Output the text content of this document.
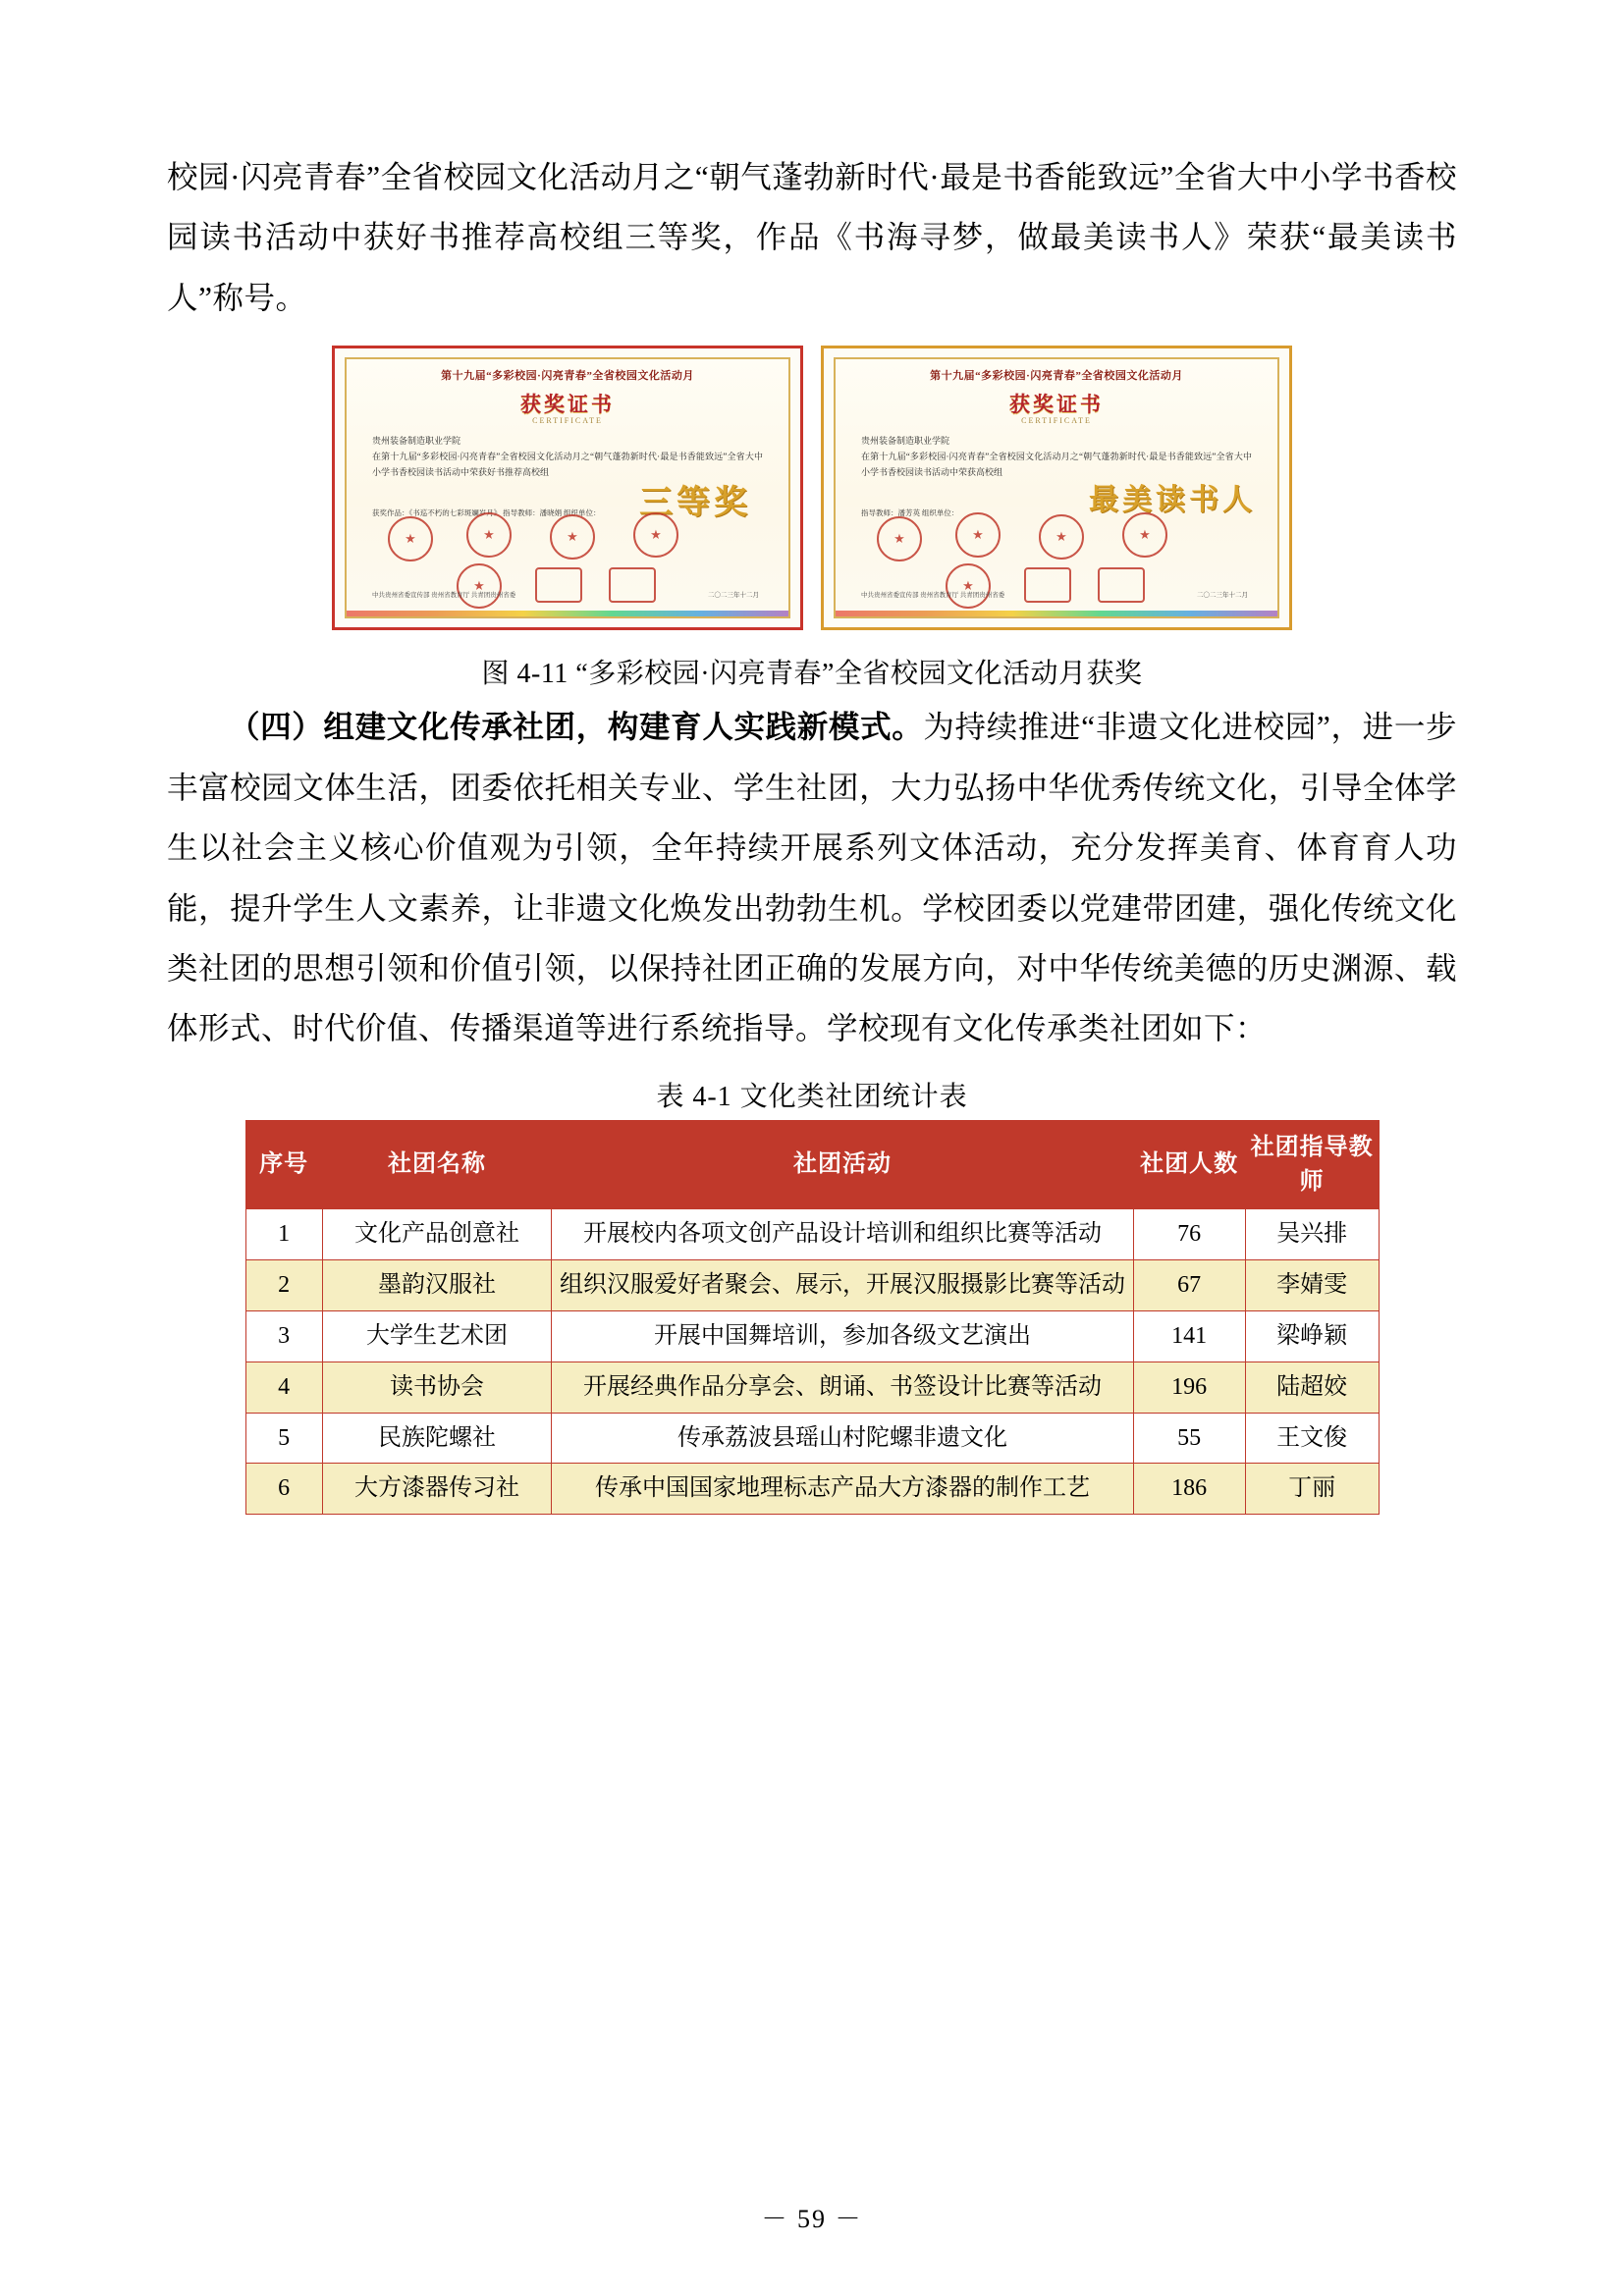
校园·闪亮青春”全省校园文化活动月之“朝气蓬勃新时代·最是书香能致远”全省大中小学书香校园读书活动中获好书推荐高校组三等奖，作品《书海寻梦，做最美读书人》荣获“最美读书人”称号。

第十九届“多彩校园·闪亮青春”全省校园文化活动月
获奖证书
CERTIFICATE
贵州装备制造职业学院
在第十九届“多彩校园·闪亮青春”全省校园文化活动月之“朝气蓬勃新时代·最是书香能致远”全省大中小学书香校园读书活动中荣获好书推荐高校组
三等奖
获奖作品：《书巡不朽的七彩斑斓岁月》 指导教师：潘晓娟 组织单位：
★
★
★
★
★
中共贵州省委宣传部 贵州省教育厅 共青团贵州省委	二〇二三年十二月
第十九届“多彩校园·闪亮青春”全省校园文化活动月
获奖证书
CERTIFICATE
贵州装备制造职业学院
在第十九届“多彩校园·闪亮青春”全省校园文化活动月之“朝气蓬勃新时代·最是书香能致远”全省大中小学书香校园读书活动中荣获高校组
最美读书人
指导教师：潘芳英 组织单位：
★
★
★
★
★
中共贵州省委宣传部 贵州省教育厅 共青团贵州省委	二〇二三年十二月
图 4-11 “多彩校园·闪亮青春”全省校园文化活动月获奖

（四）组建文化传承社团，构建育人实践新模式。为持续推进“非遗文化进校园”，进一步丰富校园文体生活，团委依托相关专业、学生社团，大力弘扬中华优秀传统文化，引导全体学生以社会主义核心价值观为引领，全年持续开展系列文体活动，充分发挥美育、体育育人功能，提升学生人文素养，让非遗文化焕发出勃勃生机。学校团委以党建带团建，强化传统文化类社团的思想引领和价值引领，以保持社团正确的发展方向，对中华传统美德的历史渊源、载体形式、时代价值、传播渠道等进行系统指导。学校现有文化传承类社团如下：

表 4-1 文化类社团统计表
序号	社团名称	社团活动	社团人数	社团指导教师
1	文化产品创意社	开展校内各项文创产品设计培训和组织比赛等活动	76	吴兴排
2	墨韵汉服社	组织汉服爱好者聚会、展示，开展汉服摄影比赛等活动	67	李婧雯
3	大学生艺术团	开展中国舞培训，参加各级文艺演出	141	梁峥颖
4	读书协会	开展经典作品分享会、朗诵、书签设计比赛等活动	196	陆超姣
5	民族陀螺社	传承荔波县瑶山村陀螺非遗文化	55	王文俊
6	大方漆器传习社	传承中国国家地理标志产品大方漆器的制作工艺	186	丁丽
－ 59 －
